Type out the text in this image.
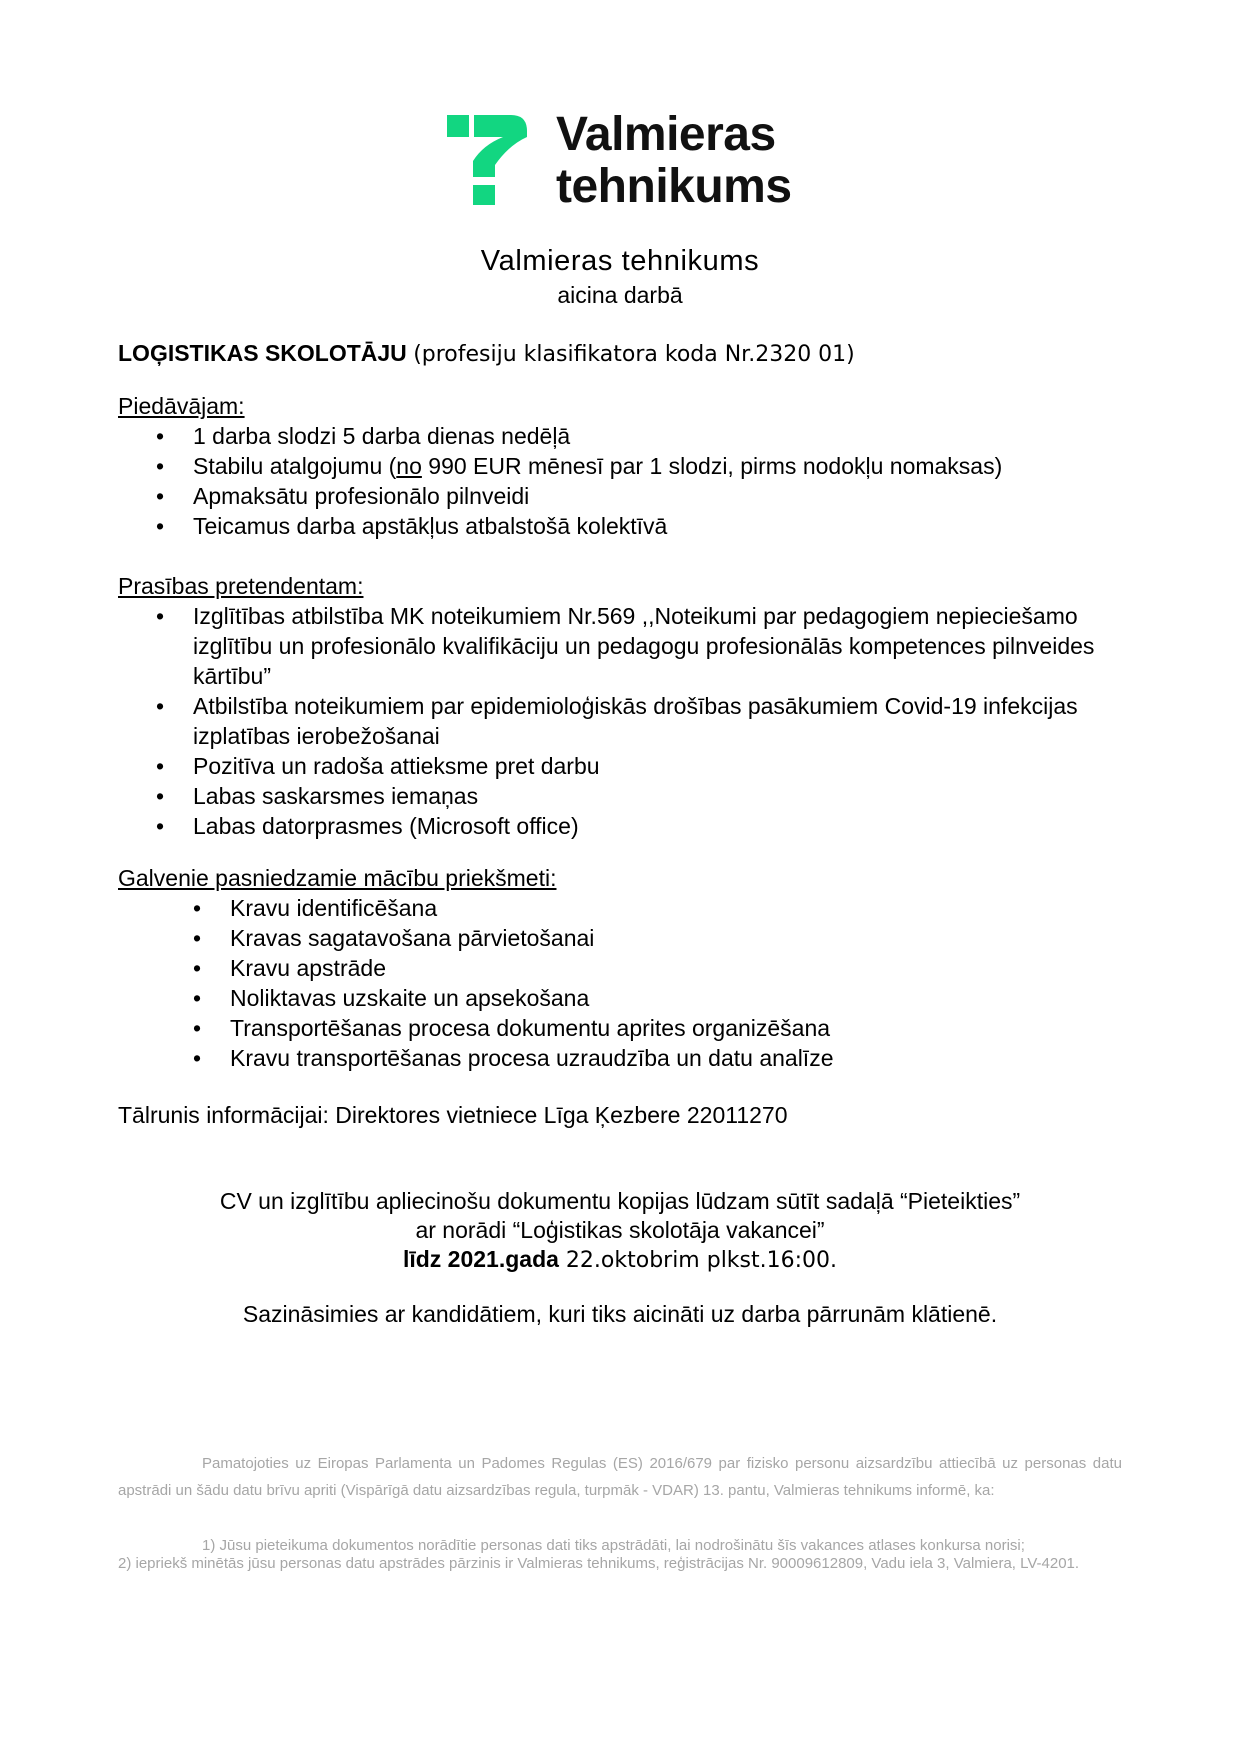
Valmieras
tehnikums
Valmieras tehnikums
aicina darbā
LOĢISTIKAS SKOLOTĀJU (profesiju klasifikatora koda Nr.2320 01)
Piedāvājam:
• 1 darba slodzi 5 darba dienas nedēļā
• Stabilu atalgojumu (no 990 EUR mēnesī par 1 slodzi, pirms nodokļu nomaksas)
• Apmaksātu profesionālo pilnveidi
• Teicamus darba apstākļus atbalstošā kolektīvā
Prasības pretendentam:
• Izglītības atbilstība MK noteikumiem Nr.569 ,,Noteikumi par pedagogiem nepieciešamo izglītību un profesionālo kvalifikāciju un pedagogu profesionālās kompetences pilnveides kārtību”
• Atbilstība noteikumiem par epidemioloģiskās drošības pasākumiem Covid-19 infekcijas izplatības ierobežošanai
• Pozitīva un radoša attieksme pret darbu
• Labas saskarsmes iemaņas
• Labas datorprasmes (Microsoft office)
Galvenie pasniedzamie mācību priekšmeti:
• Kravu identificēšana
• Kravas sagatavošana pārvietošanai
• Kravu apstrāde
• Noliktavas uzskaite un apsekošana
• Transportēšanas procesa dokumentu aprites organizēšana
• Kravu transportēšanas procesa uzraudzība un datu analīze
Tālrunis informācijai: Direktores vietniece Līga Ķezbere 22011270
CV un izglītību apliecinošu dokumentu kopijas lūdzam sūtīt sadaļā “Pieteikties”
ar norādi “Loģistikas skolotāja vakancei”
līdz 2021.gada 22.oktobrim plkst.16:00.
Sazināsimies ar kandidātiem, kuri tiks aicināti uz darba pārrunām klātienē.
Pamatojoties uz Eiropas Parlamenta un Padomes Regulas (ES) 2016/679 par fizisko personu aizsardzību attiecībā uz personas datu apstrādi un šādu datu brīvu apriti (Vispārīgā datu aizsardzības regula, turpmāk - VDAR) 13. pantu, Valmieras tehnikums informē, ka:
1) Jūsu pieteikuma dokumentos norādītie personas dati tiks apstrādāti, lai nodrošinātu šīs vakances atlases konkursa norisi;
2) iepriekš minētās jūsu personas datu apstrādes pārzinis ir Valmieras tehnikums, reģistrācijas Nr. 90009612809, Vadu iela 3, Valmiera, LV-4201.
